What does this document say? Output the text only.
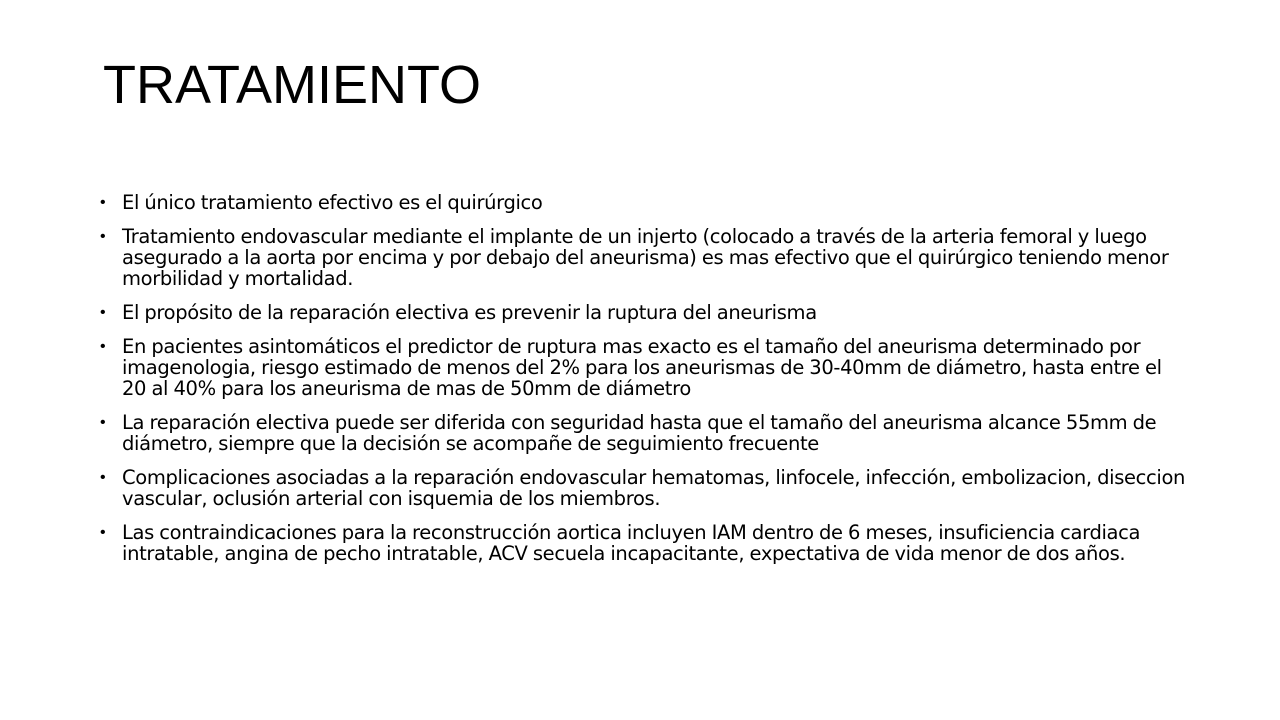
TRATAMIENTO
• El único tratamiento efectivo es el quirúrgico
• Tratamiento endovascular mediante el implante de un injerto (colocado a través de la arteria femoral y luego asegurado a la aorta por encima y por debajo del aneurisma) es mas efectivo que el quirúrgico teniendo menor morbilidad y mortalidad.
• El propósito de la reparación electiva es prevenir la ruptura del aneurisma
• En pacientes asintomáticos el predictor de ruptura mas exacto es el tamaño del aneurisma determinado por imagenologia, riesgo estimado de menos del 2% para los aneurismas de 30-40mm de diámetro, hasta entre el 20 al 40% para los aneurisma de mas de 50mm de diámetro
• La reparación electiva puede ser diferida con seguridad hasta que el tamaño del aneurisma alcance 55mm de diámetro, siempre que la decisión se acompañe de seguimiento frecuente
• Complicaciones asociadas a la reparación endovascular hematomas, linfocele, infección, embolizacion, diseccion vascular, oclusión arterial con isquemia de los miembros.
• Las contraindicaciones para la reconstrucción aortica incluyen IAM dentro de 6 meses, insuficiencia cardiaca intratable, angina de pecho intratable, ACV secuela incapacitante, expectativa de vida menor de dos años.
